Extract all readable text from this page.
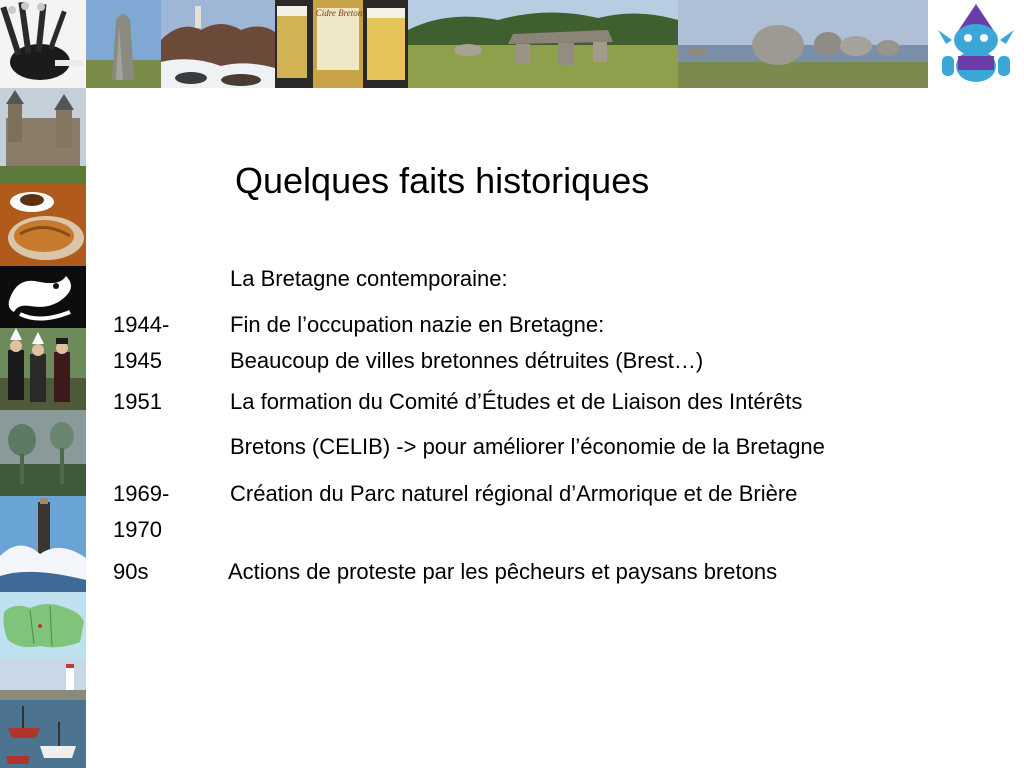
Cidre Breton
Quelques faits historiques
La Bretagne contemporaine:
1944-
1945
Fin de l’occupation nazie en Bretagne:
Beaucoup de villes bretonnes détruites (Brest…)
1951	La formation du Comité d’Études et de Liaison des Intérêts
Bretons (CELIB) -> pour améliorer l’économie de la Bretagne
1969-
1970
Création du Parc naturel régional d’Armorique et de Brière
90s	Actions de proteste par les pêcheurs et paysans bretons
